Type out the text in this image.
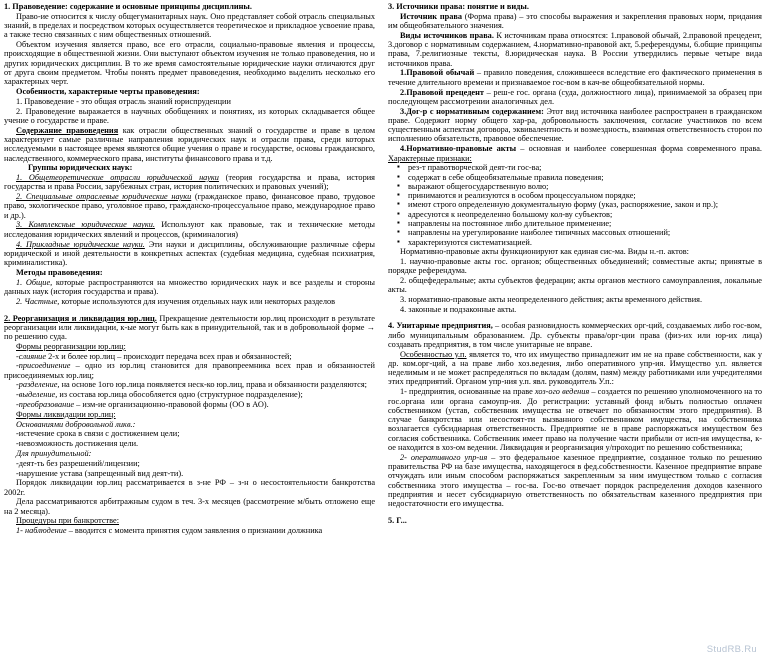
1. Правоведение: содержание и основные принципы дисциплины.

Право-ие относится к числу общегуманитарных наук. Оно представляет собой отрасль специальных знаний, в пределах и посредством которых осуществляется теоретическое и прикладное усвоение права, а также тесно связанных с ним общественных отношений.

Объектом изучения является право, все его отрасли, социально-правовые явления и процессы, происходящие в общественной жизни. Они выступают объектом изучения не только правоведения, но и других юридических дисциплин. В то же время самостоятельные юридические науки отличаются друг от друга своим предметом. Чтобы понять предмет правоведения, необходимо выделить несколько его характерных черт.

Особенности, характерные черты правоведения:

1. Правоведение - это общая отрасль знаний юриспруденции

2. Правоведение выражается в научных обобщениях и понятиях, из которых складывается общее учение о государстве и праве.

Содержание правоведения как отрасли общественных знаний о государстве и праве в целом характеризует самые различные направления юридических наук и отрасли права, среди которых исследуемыми в настоящее время являются общие учения о праве и государстве, основы гражданского, наследственного, коммерческого права, институты финансового права и т.д.

Группы юридических наук:

1. Общетеоретические отрасли юридической науки (теория государства и права, история государства и права России, зарубежных стран, история политических и правовых учений);

2. Специальные отраслевые юридические науки (гражданское право, финансовое право, трудовое право, экологическое право, уголовное право, гражданско-процессуальное право, международное право и др.).

3. Комплексные юридические науки. Используют как правовые, так и технические методы исследования юридических явлений и процессов, (криминалогия)

4. Прикладные юридические науки. Эти науки и дисциплины, обслуживающие различные сферы юридической и иной деятельности в конкретных аспектах (судебная медицина, судебная психиатрия, криминалистика).

Методы правоведения:

1. Общие, которые распространяются на множество юридических наук и все разделы и стороны данных наук (история государства и права).

2. Частные, которые используются для изучения отдельных наук или некоторых разделов

2. Реорганизация и ликвидация юр.лиц. Прекращение деятельности юр.лиц происходит в результате реорганизации или ликвидации, к-ые могут быть как в принудительной, так и в добровольной форме → по решению суда.

Формы реорганизации юр.лиц:

-слияние 2-х и более юр.лиц – происходит передача всех прав и обязанностей;

-присоединение – одно из юр.лиц становится для правопреемника всех прав и обязанностей присоединяемых юр.лиц;

-разделение, на основе 1ого юр.лица появляется неск-ко юр.лиц, права и обязанности разделяются;

-выделение, из состава юр.лица обособляется одно (структурное подразделение);

-преобразование – изм-ие организационно-правовой формы (ОО в АО).

Формы ликвидации юр.лиц:

Основаниями добровольной ликв.:

-истечение срока в связи с достижением цели;

-невозможность достижения цели.

Для принудительной:

-деят-ть без разрешений/лицензии;

-нарушение устава (запрещенный вид деят-ти).

Порядок ликвидации юр.лиц рассматривается в з-не РФ – з-н о несостоятельности банкротства 2002г.

Дела рассматриваются арбитражным судом в теч. 3-х месяцев (рассмотрение м/быть отложено еще на 2 месяца).

Процедуры при банкротстве:

1- наблюдение – вводится с момента принятия судом заявления о признании должника

3. Источники права: понятие и виды.

Источник права (Форма права) – это способы выражения и закрепления правовых норм, придания им общеобязательного значения.

Виды источников права. К источникам права относятся: 1.правовой обычай, 2.правовой прецедент, 3.договор с нормативным содержанием, 4.нормативно-правовой акт, 5.референдумы, 6.общие принципы права, 7.религиозные тексты, 8.юридическая наука. В России утвердились первые четыре вида источников права.

1.Правовой обычай – правило поведения, сложившееся вследствие его фактического применения в течение длительного времени и признаваемое гос-вом в кач-ве общеобязательной нормы.

2.Правовой прецедент – реш-е гос. органа (суда, должностного лица), принимаемой за образец при последующем рассмотрении аналогичных дел.

3.Дог-р с нормативным содержанием: Этот вид источника наиболее распространен в гражданском праве. Содержит норму общего хар-ра, добровольность заключения, согласие участников по всем существенным аспектам договора, эквивалентность и возмездность, взаимная ответственность сторон по исполнению обязательств, правовое обеспечение.

4.Нормативно-правовые акты – основная и наиболее совершенная форма современного права. Характерные признаки:

▪ рез-т правотворческой деят-ти гос-ва;
▪ содержат в себе общеобязательные правила поведения;
▪ выражают общегосударственную волю;
▪ принимаются и реализуются в особом процессуальном порядке;
▪ имеют строго определенную документальную форму (указ, распоряжение, закон и пр.);
▪ адресуются к неопределенно большому кол-ву субъектов;
▪ направлены на постоянное либо длительное применение;
▪ направлены на урегулирование наиболее типичных массовых отношений;
▪ характеризуются систематизацией.

Нормативно-правовые акты функционируют как единая сис-ма. Виды н.-п. актов:

1. научно-правовые акты гос. органов; общественных объединений; совместные акты; принятые в порядке референдума.

2. общефедеральные; акты субъектов федерации; акты органов местного самоуправления, локальные акты.

3. нормативно-правовые акты неопределенного действия; акты временного действия.

4. законные и подзаконные акты.

4. Унитарные предприятия, – особая разновидность коммерческих орг-ций, создаваемых либо гос-вом, либо муниципальным образованием. Др. субъекты права/орг-ции права (физ-их или юр-их лица) создавать предприятия, в том числе унитарные не вправе.

Особенностью у.п. является то, что их имущество принадлежит им не на праве собственности, как у др. ком.орг-ций, а на праве либо хоз.ведения, либо оперативного упр-ия. Имущество у.п. является неделимым и не может распределяться по вкладам (долям, паям) между работниками или учредителями этих предприятий. Органом упр-ния у.п. явл. руководитель У.п.:

1- предприятия, основанные на праве хоз-ого ведения – создается по решению уполномоченного на то гос.органа или органа самоупр-ия. До регистрации: уставный фонд и/быть полностью оплачен собственником (устав, собственник имущества не отвечает по обязанностям этого предприятия). В случае банкротства или несостоят-ти вызванного собственником имущества, на собственника возлагается субсидиарная ответственность. Предприятие не в праве распоряжаться имуществом без согласия собственника. Собственник имеет право на получение части прибыли от исп-ия имущества, к-ое находится в хоз-ом ведении. Ликвидация и реорганизация у/проходит по решению собственника;

2- оперативного упр-ия – это федеральное казенное предприятие, созданное только по решению правительства РФ на базе имущества, находящегося в фед.собственности. Казенное предприятие вправе отчуждать или иным способом распоряжаться закрепленным за ним имуществом только с согласия собственника этого имущества – гос-ва. Гос-во отвечает порядок распределения доходов казенного предприятия и несет субсидиарную ответственность по обязательствам казенного предприятия при недостаточности его имущества.

5. Г...

StudRB.Ru
